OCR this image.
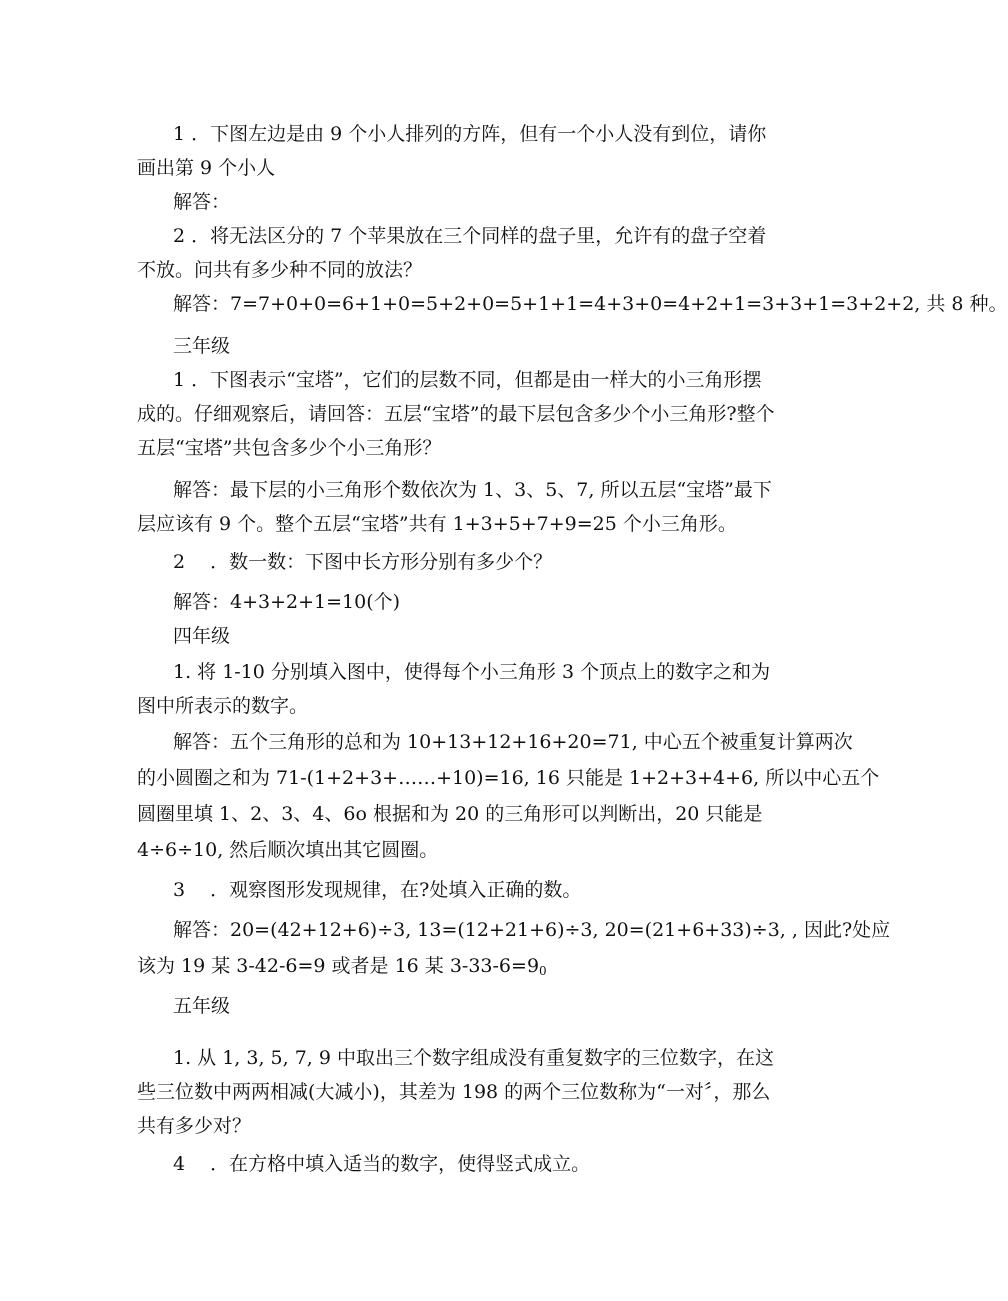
1 ．下图左边是由 9 个小人排列的方阵，但有一个小人没有到位，请你画出第 9 个小人

解答：

2 ．将无法区分的 7 个苹果放在三个同样的盘子里，允许有的盘子空着不放。问共有多少种不同的放法？

解答：7=7+0+0=6+1+0=5+2+0=5+1+1=4+3+0=4+2+1=3+3+1=3+2+2, 共 8 种。

三年级

1 ．下图表示“宝塔”，它们的层数不同，但都是由一样大的小三角形摆成的。仔细观察后，请回答：五层“宝塔”的最下层包含多少个小三角形?整个五层“宝塔”共包含多少个小三角形？

解答：最下层的小三角形个数依次为 1、3、5、7, 所以五层“宝塔”最下层应该有 9 个。整个五层“宝塔”共有 1+3+5+7+9=25 个小三角形。

2 　．数一数：下图中长方形分别有多少个？

解答：4+3+2+1=10(个)

四年级

1. 将 1-10 分别填入图中，使得每个小三角形 3 个顶点上的数字之和为图中所表示的数字。

解答：五个三角形的总和为 10+13+12+16+20=71, 中心五个被重复计算两次

的小圆圈之和为 71-(1+2+3+……+10)=16, 16 只能是 1+2+3+4+6, 所以中心五个

圆圈里填 1、2、3、4、6o 根据和为 20 的三角形可以判断出，20 只能是

4÷6÷10, 然后顺次填出其它圆圈。

3 　．观察图形发现规律，在?处填入正确的数。

解答：20=(42+12+6)÷3, 13=(12+21+6)÷3, 20=(21+6+33)÷3, , 因此?处应

该为 19 某 3-42-6=9 或者是 16 某 $3-33-6=9_0$

五年级

1. 从 1, 3, 5, 7, 9 中取出三个数字组成没有重复数字的三位数字，在这些三位数中两两相减(大减小)，其差为 198 的两个三位数称为“一对〞，那么共有多少对？

4 　．在方格中填入适当的数字，使得竖式成立。
